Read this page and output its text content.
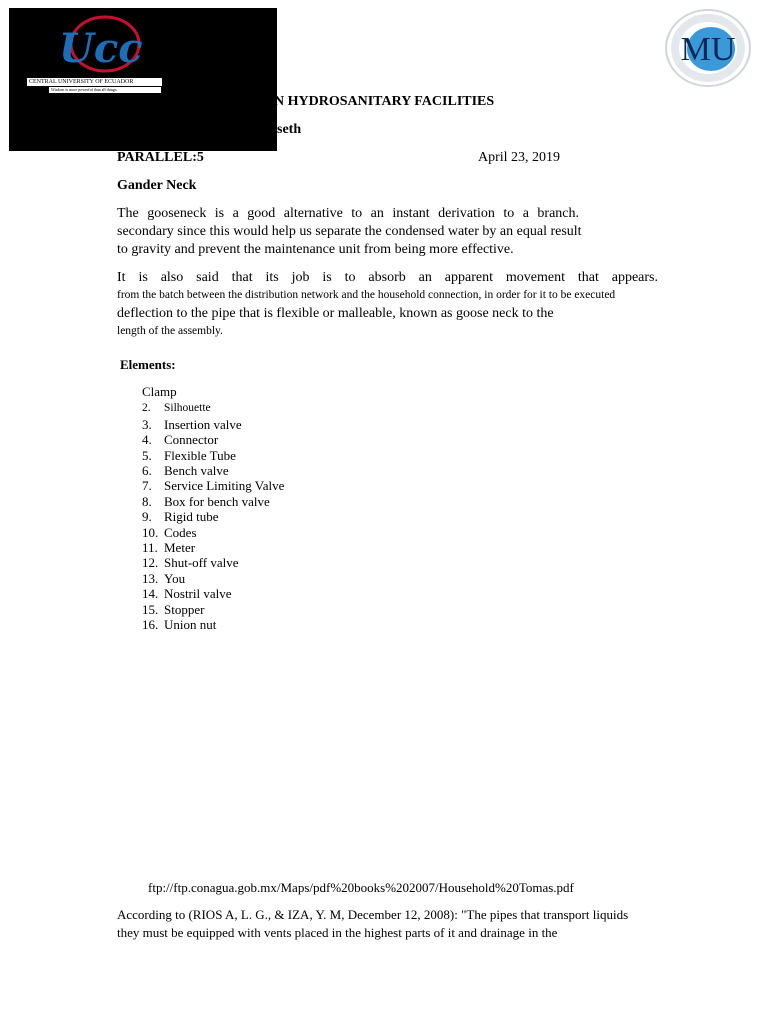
Ucc
CENTRAL UNIVERSITY OF ECUADOR
Wisdom is more powerful than all things.
MU
N HYDROSANITARY FACILITIES
seth
PARALLEL:5	April 23, 2019
Gander Neck
The gooseneck is a good alternative to an instant derivation to a branch.
secondary since this would help us separate the condensed water by an equal result
to gravity and prevent the maintenance unit from being more effective.
It is also said that its job is to absorb an apparent movement that appears.
from the batch between the distribution network and the household connection, in order for it to be executed
deflection to the pipe that is flexible or malleable, known as goose neck to the
length of the assembly.
Elements:
Clamp
2. Silhouette
3. Insertion valve
4. Connector
5. Flexible Tube
6. Bench valve
7. Service Limiting Valve
8. Box for bench valve
9. Rigid tube
10. Codes
11. Meter
12. Shut-off valve
13. You
14. Nostril valve
15. Stopper
16. Union nut
ftp://ftp.conagua.gob.mx/Maps/pdf%20books%202007/Household%20Tomas.pdf
According to (RIOS A, L. G., & IZA, Y. M, December 12, 2008): "The pipes that transport liquids
they must be equipped with vents placed in the highest parts of it and drainage in the
